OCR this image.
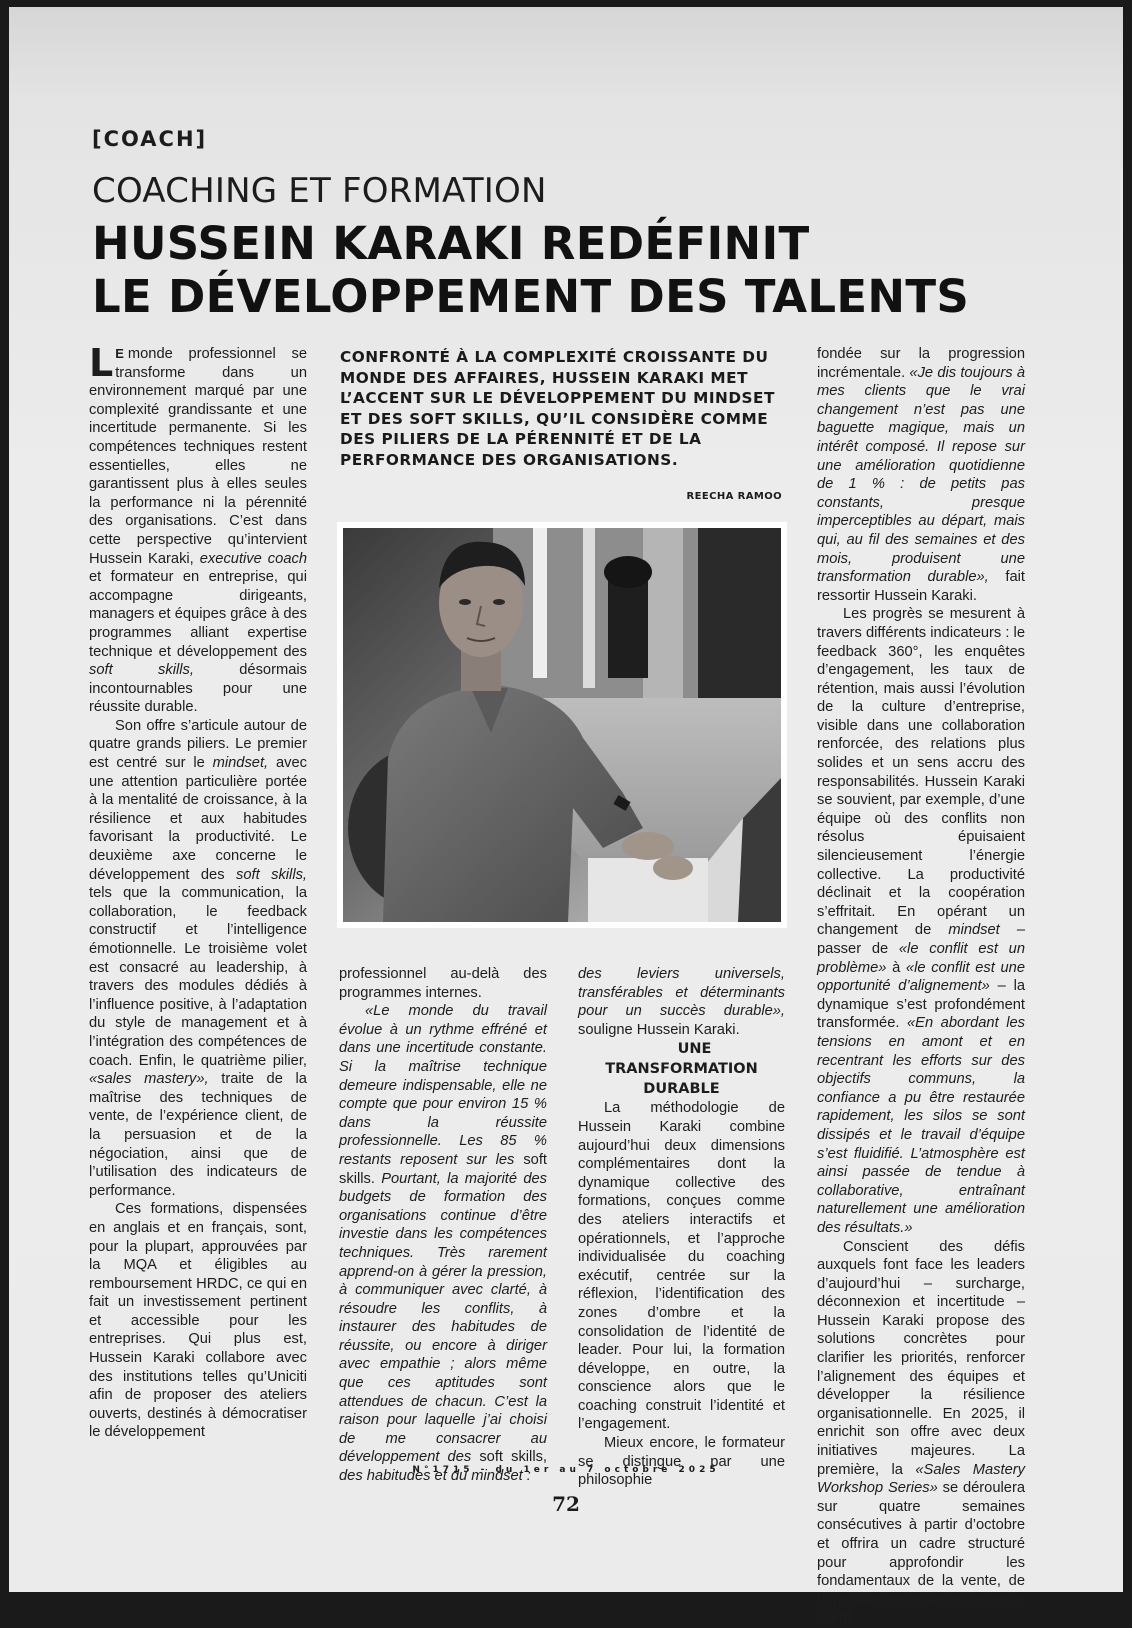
[COACH]
COACHING ET FORMATION
HUSSEIN KARAKI REDÉFINIT
LE DÉVELOPPEMENT DES TALENTS

L E monde professionnel se transforme dans un environnement marqué par une complexité grandissante et une incertitude permanente. Si les compétences techniques restent essentielles, elles ne garantissent plus à elles seules la performance ni la pérennité des organisations. C’est dans cette perspective qu’intervient Hussein Karaki, executive coach et formateur en entreprise, qui accompagne dirigeants, managers et équipes grâce à des programmes alliant expertise technique et développement des soft skills, désormais incontournables pour une réussite durable.

Son offre s’articule autour de quatre grands piliers. Le premier est centré sur le mindset, avec une attention particulière portée à la mentalité de croissance, à la résilience et aux habitudes favorisant la productivité. Le deuxième axe concerne le développement des soft skills, tels que la communication, la collaboration, le feedback constructif et l’intelligence émotionnelle. Le troisième volet est consacré au leadership, à travers des modules dédiés à l’influence positive, à l’adaptation du style de management et à l’intégration des compétences de coach. Enfin, le quatrième pilier, «sales mastery», traite de la maîtrise des techniques de vente, de l’expérience client, de la persuasion et de la négociation, ainsi que de l’utilisation des indicateurs de performance.

Ces formations, dispensées en anglais et en français, sont, pour la plupart, approuvées par la MQA et éligibles au remboursement HRDC, ce qui en fait un investissement pertinent et accessible pour les entreprises. Qui plus est, Hussein Karaki collabore avec des institutions telles qu’Uniciti afin de proposer des ateliers ouverts, destinés à démocratiser le développement

CONFRONTÉ À LA COMPLEXITÉ CROISSANTE DU MONDE DES AFFAIRES, HUSSEIN KARAKI MET L’ACCENT SUR LE DÉVELOPPEMENT DU MINDSET ET DES SOFT SKILLS, QU’IL CONSIDÈRE COMME DES PILIERS DE LA PÉRENNITÉ ET DE LA PERFORMANCE DES ORGANISATIONS.

REECHA RAMOO

professionnel au-delà des programmes internes.

«Le monde du travail évolue à un rythme effréné et dans une incertitude constante. Si la maîtrise technique demeure indispensable, elle ne compte que pour environ 15 % dans la réussite professionnelle. Les 85 % restants reposent sur les soft skills. Pourtant, la majorité des budgets de formation des organisations continue d’être investie dans les compétences techniques. Très rarement apprend-on à gérer la pression, à communiquer avec clarté, à résoudre les conflits, à instaurer des habitudes de réussite, ou encore à diriger avec empathie ; alors même que ces aptitudes sont attendues de chacun. C’est la raison pour laquelle j’ai choisi de me consacrer au développement des soft skills, des habitudes et du mindset :

des leviers universels, transférables et déterminants pour un succès durable», souligne Hussein Karaki.

UNE TRANSFORMATION DURABLE

La méthodologie de Hussein Karaki combine aujourd’hui deux dimensions complémentaires dont la dynamique collective des formations, conçues comme des ateliers interactifs et opérationnels, et l’approche individualisée du coaching exécutif, centrée sur la réflexion, l’identification des zones d’ombre et la consolidation de l’identité de leader. Pour lui, la formation développe, en outre, la conscience alors que le coaching construit l’identité et l’engagement.

Mieux encore, le formateur se distingue par une philosophie

fondée sur la progression incrémentale. «Je dis toujours à mes clients que le vrai changement n’est pas une baguette magique, mais un intérêt composé. Il repose sur une amélioration quotidienne de 1 % : de petits pas constants, presque imperceptibles au départ, mais qui, au fil des semaines et des mois, produisent une transformation durable», fait ressortir Hussein Karaki.

Les progrès se mesurent à travers différents indicateurs : le feedback 360°, les enquêtes d’engagement, les taux de rétention, mais aussi l’évolution de la culture d’entreprise, visible dans une collaboration renforcée, des relations plus solides et un sens accru des responsabilités. Hussein Karaki se souvient, par exemple, d’une équipe où des conflits non résolus épuisaient silencieusement l’énergie collective. La productivité déclinait et la coopération s’effritait. En opérant un changement de mindset – passer de «le conflit est un problème» à «le conflit est une opportunité d’alignement» – la dynamique s’est profondément transformée. «En abordant les tensions en amont et en recentrant les efforts sur des objectifs communs, la confiance a pu être restaurée rapidement, les silos se sont dissipés et le travail d’équipe s’est fluidifié. L’atmosphère est ainsi passée de tendue à collaborative, entraînant naturellement une amélioration des résultats.»

Conscient des défis auxquels font face les leaders d’aujourd’hui – surcharge, déconnexion et incertitude – Hussein Karaki propose des solutions concrètes pour clarifier les priorités, renforcer l’alignement des équipes et développer la résilience organisationnelle. En 2025, il enrichit son offre avec deux initiatives majeures. La première, la «Sales Mastery Workshop Series» se déroulera sur quatre semaines consécutives à partir d’octobre et offrira un cadre structuré pour approfondir les fondamentaux de la vente, de la persuasion et de l’expérience client.

N°1715 - du 1er au 7 octobre 2025
72
